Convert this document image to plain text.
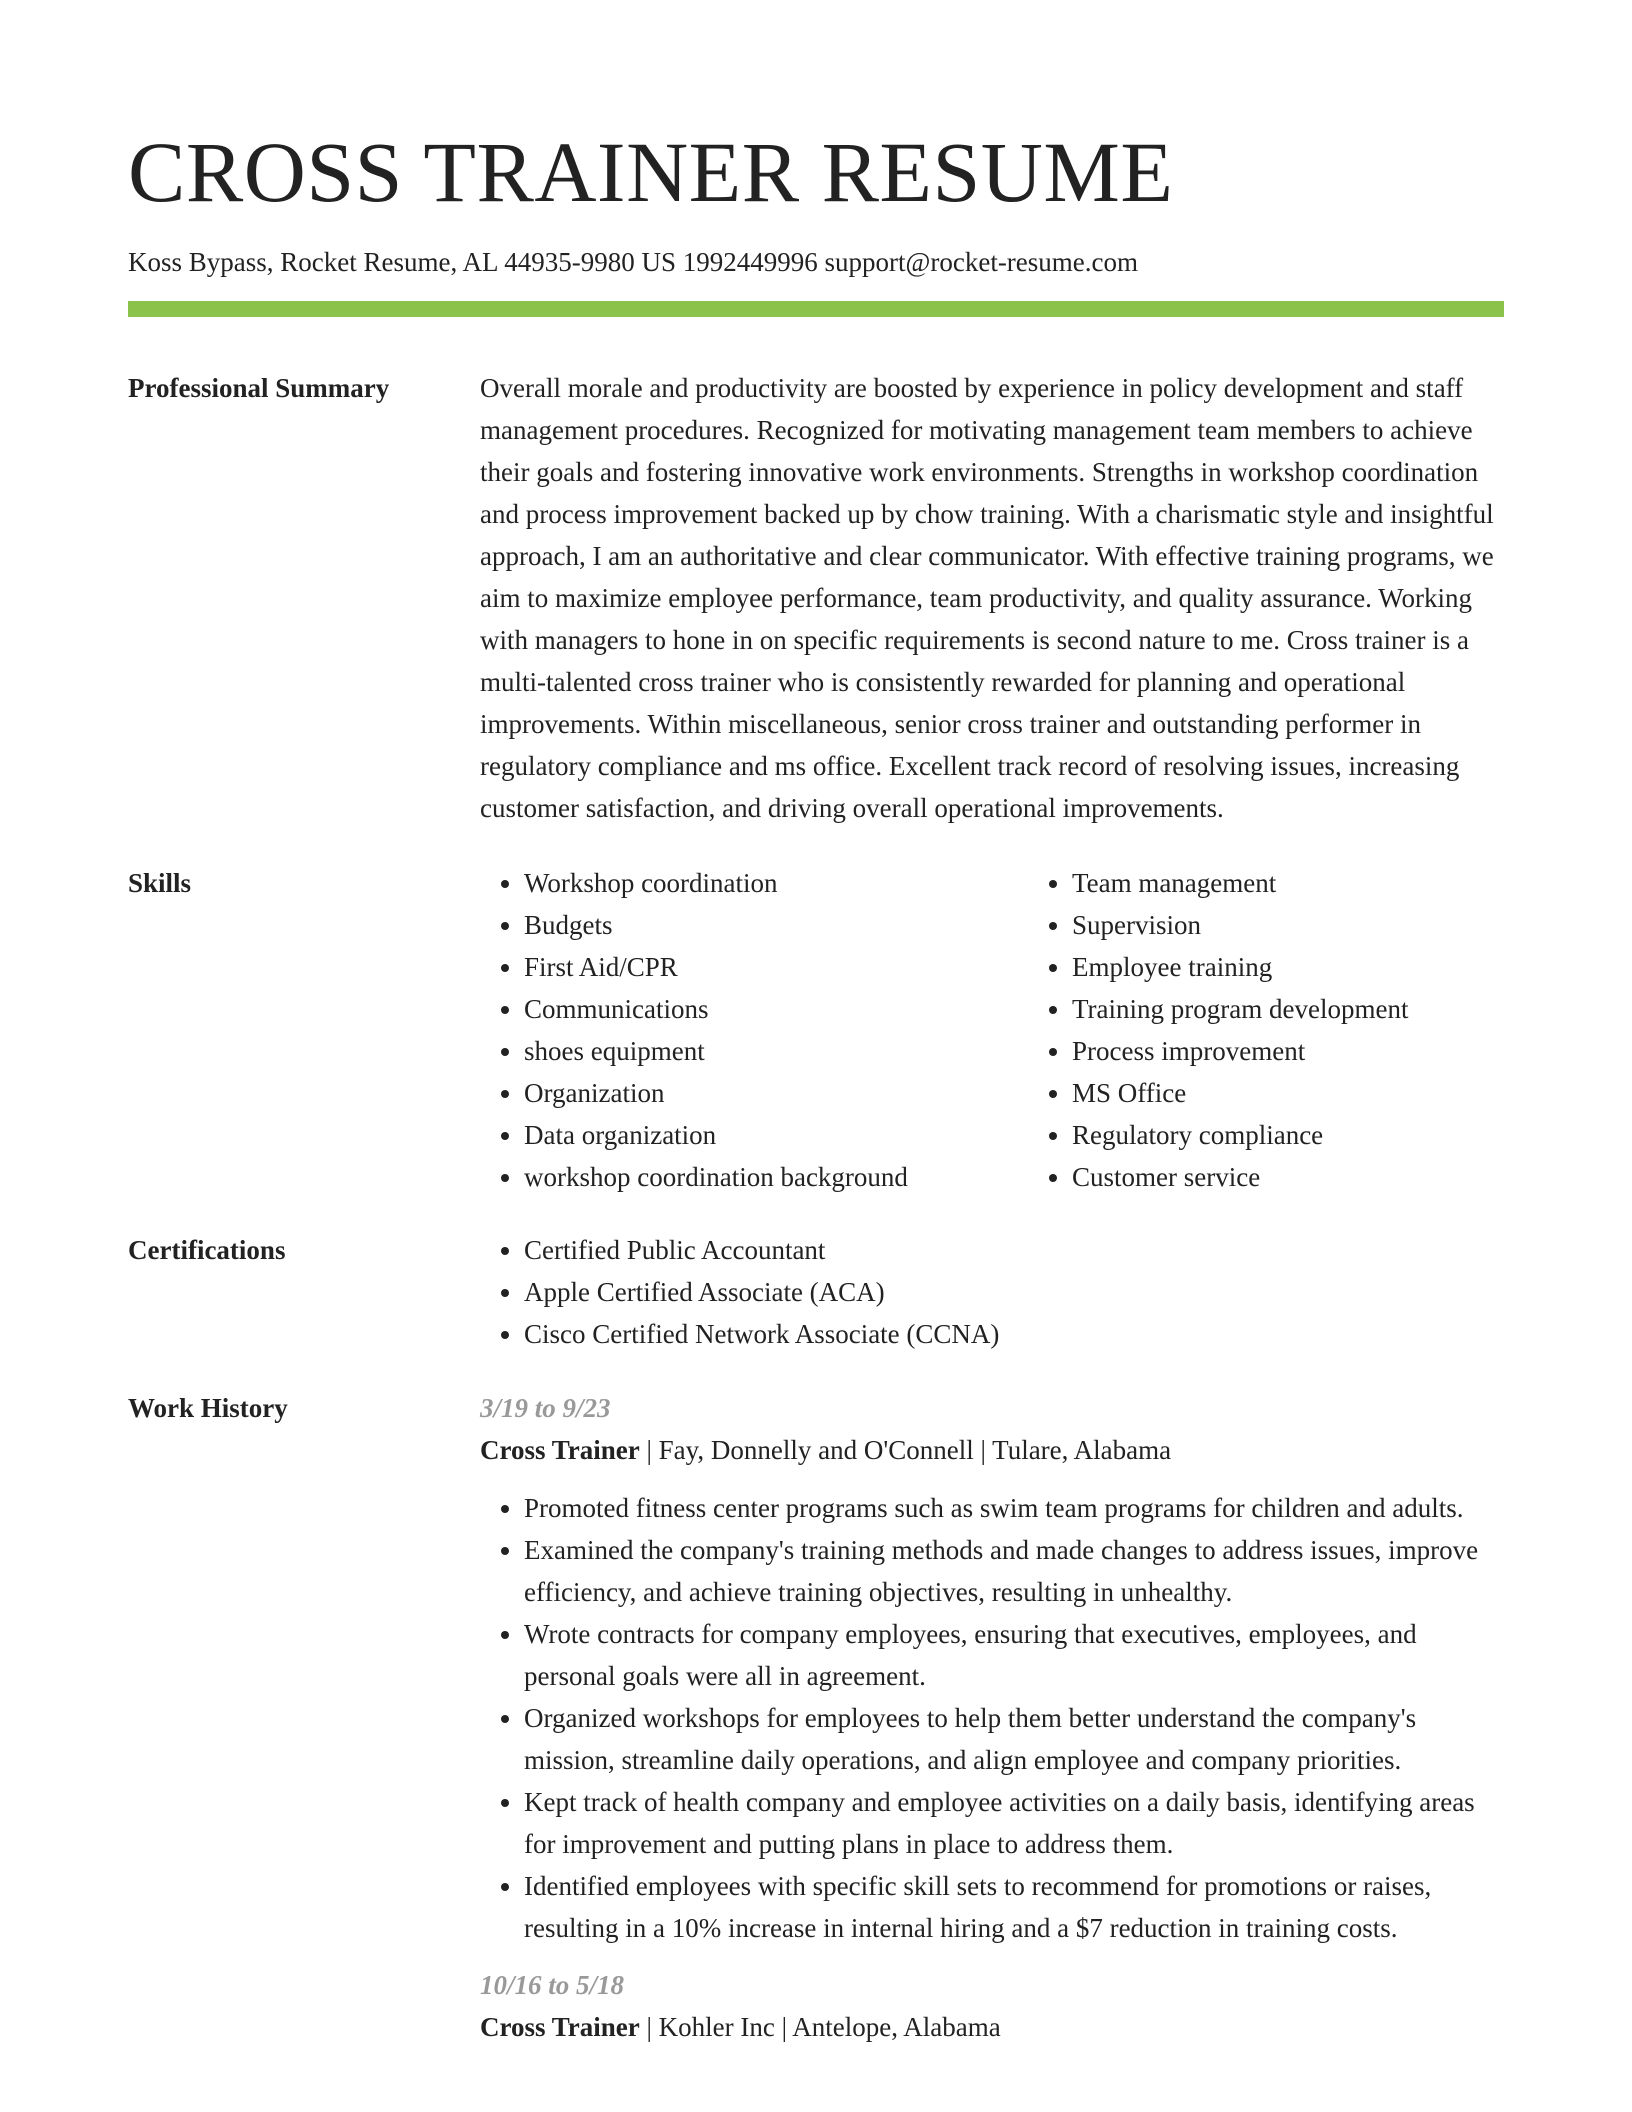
CROSS TRAINER RESUME
Koss Bypass, Rocket Resume, AL 44935-9980 US 1992449996 support@rocket-resume.com
Professional Summary	Overall morale and productivity are boosted by experience in policy development and staff management procedures. Recognized for motivating management team members to achieve their goals and fostering innovative work environments. Strengths in workshop coordination and process improvement backed up by chow training. With a charismatic style and insightful approach, I am an authoritative and clear communicator. With effective training programs, we aim to maximize employee performance, team productivity, and quality assurance. Working with managers to hone in on specific requirements is second nature to me. Cross trainer is a multi-talented cross trainer who is consistently rewarded for planning and operational improvements. Within miscellaneous, senior cross trainer and outstanding performer in regulatory compliance and ms office. Excellent track record of resolving issues, increasing customer satisfaction, and driving overall operational improvements.

Skills	• Workshop coordination
• Budgets
• First Aid/CPR
• Communications
• shoes equipment
• Organization
• Data organization
• workshop coordination background
• Team management
• Supervision
• Employee training
• Training program development
• Process improvement
• MS Office
• Regulatory compliance
• Customer service
Certifications	• Certified Public Accountant
• Apple Certified Associate (ACA)
• Cisco Certified Network Associate (CCNA)
Work History	3/19 to 9/23
Cross Trainer | Fay, Donnelly and O'Connell | Tulare, Alabama
• Promoted fitness center programs such as swim team programs for children and adults.
• Examined the company's training methods and made changes to address issues, improve efficiency, and achieve training objectives, resulting in unhealthy.
• Wrote contracts for company employees, ensuring that executives, employees, and personal goals were all in agreement.
• Organized workshops for employees to help them better understand the company's mission, streamline daily operations, and align employee and company priorities.
• Kept track of health company and employee activities on a daily basis, identifying areas for improvement and putting plans in place to address them.
• Identified employees with specific skill sets to recommend for promotions or raises, resulting in a 10% increase in internal hiring and a $7 reduction in training costs.
10/16 to 5/18
Cross Trainer | Kohler Inc | Antelope, Alabama
